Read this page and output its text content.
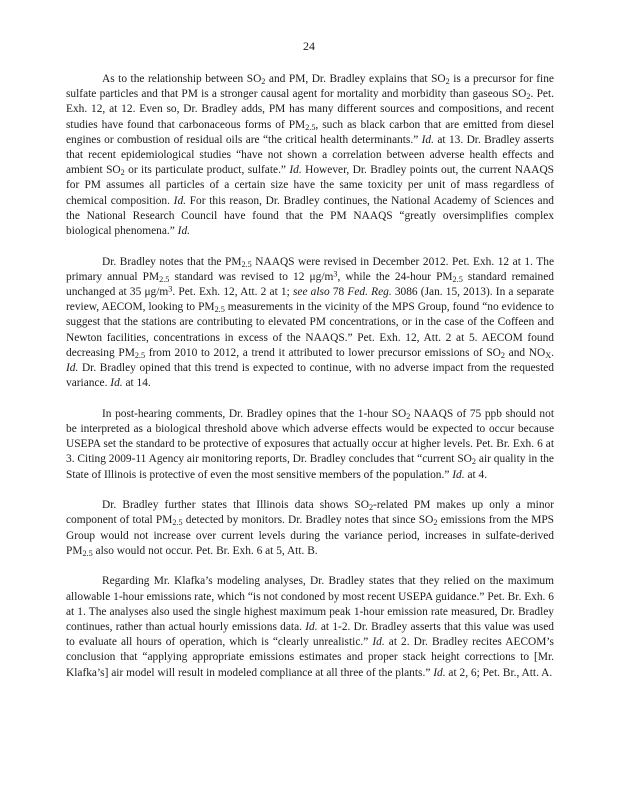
24

As to the relationship between $SO_2$ and PM, Dr. Bradley explains that $SO_2$ is a precursor for fine sulfate particles and that PM is a stronger causal agent for mortality and morbidity than gaseous $SO_2$. Pet. Exh. 12, at 12. Even so, Dr. Bradley adds, PM has many different sources and compositions, and recent studies have found that carbonaceous forms of $PM_{2.5}$, such as black carbon that are emitted from diesel engines or combustion of residual oils are “the critical health determinants.” Id. at 13. Dr. Bradley asserts that recent epidemiological studies “have not shown a correlation between adverse health effects and ambient $SO_2$ or its particulate product, sulfate.” Id. However, Dr. Bradley points out, the current NAAQS for PM assumes all particles of a certain size have the same toxicity per unit of mass regardless of chemical composition. Id. For this reason, Dr. Bradley continues, the National Academy of Sciences and the National Research Council have found that the PM NAAQS “greatly oversimplifies complex biological phenomena.” Id.

Dr. Bradley notes that the $PM_{2.5}$ NAAQS were revised in December 2012. Pet. Exh. 12 at 1. The primary annual $PM_{2.5}$ standard was revised to 12 $\mu g/m^3$, while the 24-hour $PM_{2.5}$ standard remained unchanged at 35 $\mu g/m^3$. Pet. Exh. 12, Att. 2 at 1; see also 78 Fed. Reg. 3086 (Jan. 15, 2013). In a separate review, AECOM, looking to $PM_{2.5}$ measurements in the vicinity of the MPS Group, found “no evidence to suggest that the stations are contributing to elevated PM concentrations, or in the case of the Coffeen and Newton facilities, concentrations in excess of the NAAQS.” Pet. Exh. 12, Att. 2 at 5. AECOM found decreasing $PM_{2.5}$ from 2010 to 2012, a trend it attributed to lower precursor emissions of $SO_2$ and $NO_X$. Id. Dr. Bradley opined that this trend is expected to continue, with no adverse impact from the requested variance. Id. at 14.

In post-hearing comments, Dr. Bradley opines that the 1-hour $SO_2$ NAAQS of 75 ppb should not be interpreted as a biological threshold above which adverse effects would be expected to occur because USEPA set the standard to be protective of exposures that actually occur at higher levels. Pet. Br. Exh. 6 at 3. Citing 2009-11 Agency air monitoring reports, Dr. Bradley concludes that “current $SO_2$ air quality in the State of Illinois is protective of even the most sensitive members of the population.” Id. at 4.

Dr. Bradley further states that Illinois data shows $SO_2$-related PM makes up only a minor component of total $PM_{2.5}$ detected by monitors. Dr. Bradley notes that since $SO_2$ emissions from the MPS Group would not increase over current levels during the variance period, increases in sulfate-derived $PM_{2.5}$ also would not occur. Pet. Br. Exh. 6 at 5, Att. B.

Regarding Mr. Klafka’s modeling analyses, Dr. Bradley states that they relied on the maximum allowable 1-hour emissions rate, which “is not condoned by most recent USEPA guidance.” Pet. Br. Exh. 6 at 1. The analyses also used the single highest maximum peak 1-hour emission rate measured, Dr. Bradley continues, rather than actual hourly emissions data. Id. at 1-2. Dr. Bradley asserts that this value was used to evaluate all hours of operation, which is “clearly unrealistic.” Id. at 2. Dr. Bradley recites AECOM’s conclusion that “applying appropriate emissions estimates and proper stack height corrections to [Mr. Klafka’s] air model will result in modeled compliance at all three of the plants.” Id. at 2, 6; Pet. Br., Att. A.
